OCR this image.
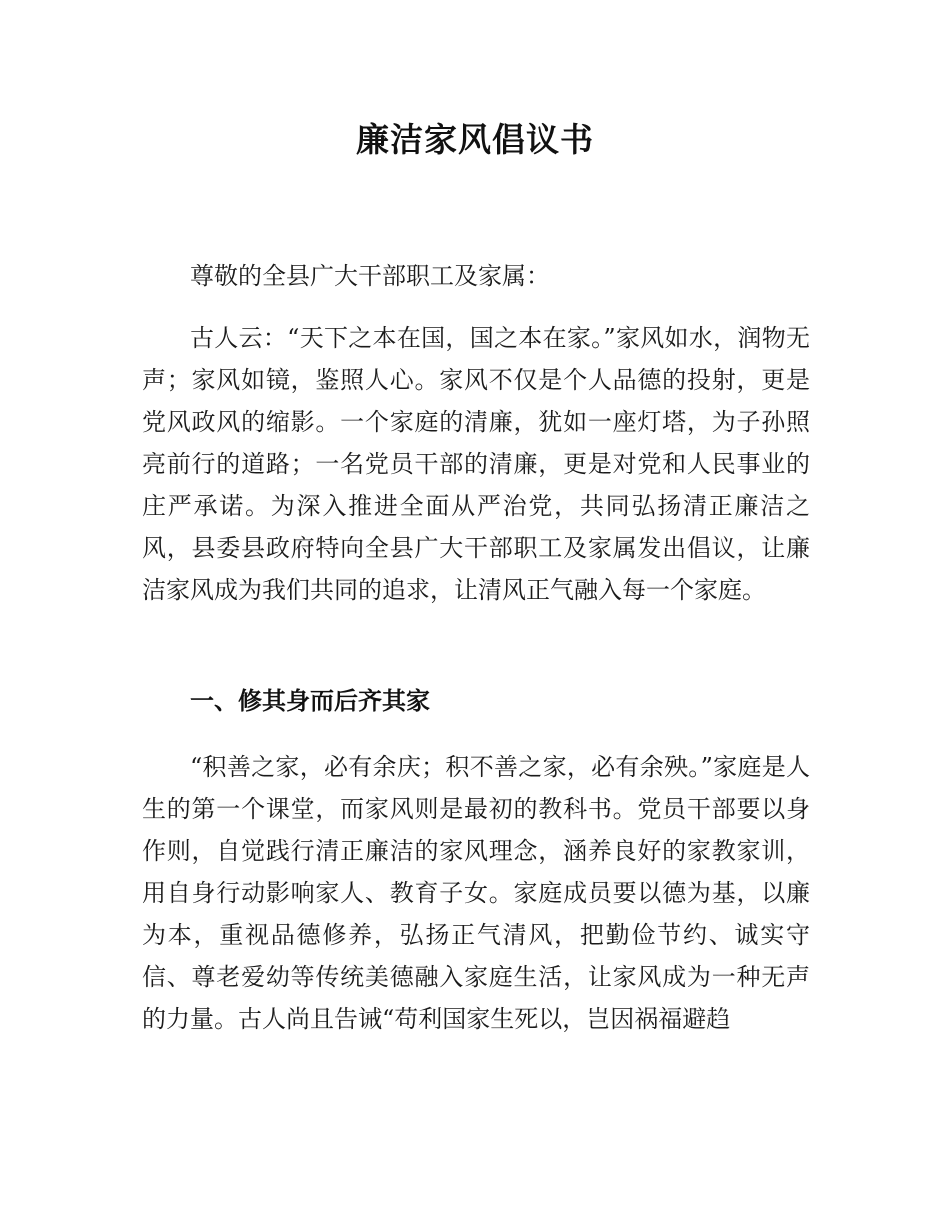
廉洁家风倡议书

尊敬的全县广大干部职工及家属：

古人云：“天下之本在国，国之本在家。”家风如水，润物无声；家风如镜，鉴照人心。家风不仅是个人品德的投射，更是党风政风的缩影。一个家庭的清廉，犹如一座灯塔，为子孙照亮前行的道路；一名党员干部的清廉，更是对党和人民事业的庄严承诺。为深入推进全面从严治党，共同弘扬清正廉洁之风，县委县政府特向全县广大干部职工及家属发出倡议，让廉洁家风成为我们共同的追求，让清风正气融入每一个家庭。

一、修其身而后齐其家

“积善之家，必有余庆；积不善之家，必有余殃。”家庭是人生的第一个课堂，而家风则是最初的教科书。党员干部要以身作则，自觉践行清正廉洁的家风理念，涵养良好的家教家训，用自身行动影响家人、教育子女。家庭成员要以德为基，以廉为本，重视品德修养，弘扬正气清风，把勤俭节约、诚实守信、尊老爱幼等传统美德融入家庭生活，让家风成为一种无声的力量。古人尚且告诫“苟利国家生死以，岂因祸福避趋
